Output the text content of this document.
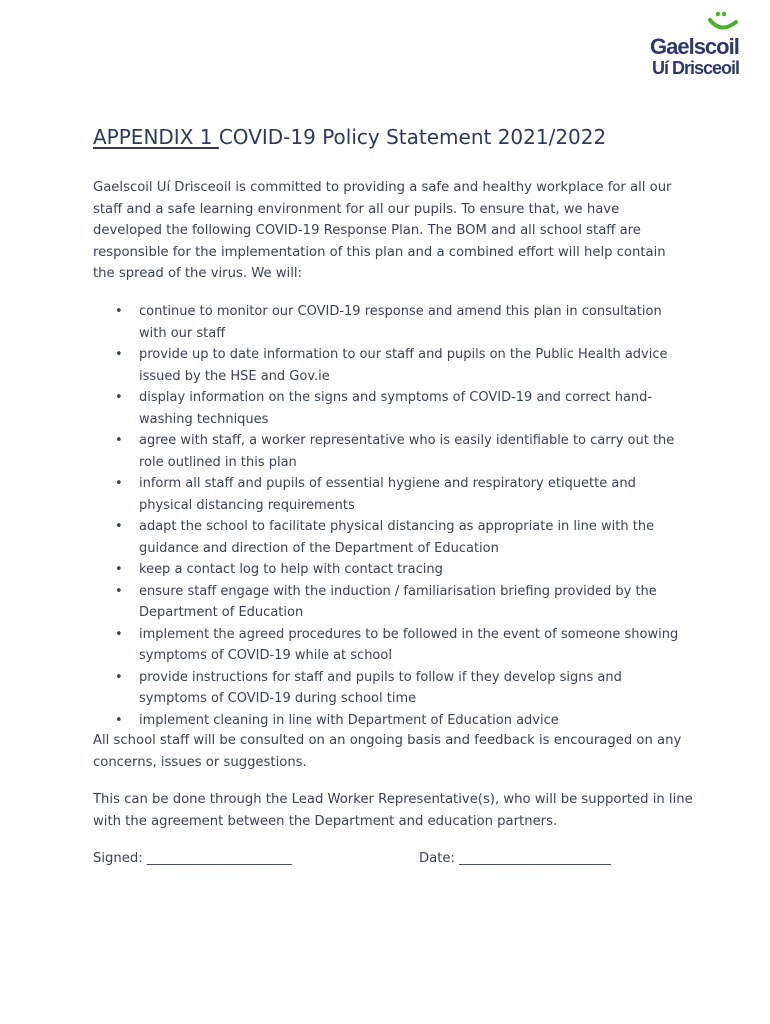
Gaelscoil
Uí Drisceoil
APPENDIX 1 COVID-19 Policy Statement 2021/2022

Gaelscoil Uí Drisceoil is committed to providing a safe and healthy workplace for all our staff and a safe learning environment for all our pupils. To ensure that, we have developed the following COVID-19 Response Plan. The BOM and all school staff are responsible for the implementation of this plan and a combined effort will help contain the spread of the virus. We will:

• continue to monitor our COVID-19 response and amend this plan in consultation with our staff
• provide up to date information to our staff and pupils on the Public Health advice issued by the HSE and Gov.ie
• display information on the signs and symptoms of COVID-19 and correct hand-washing techniques
• agree with staff, a worker representative who is easily identifiable to carry out the role outlined in this plan
• inform all staff and pupils of essential hygiene and respiratory etiquette and physical distancing requirements
• adapt the school to facilitate physical distancing as appropriate in line with the guidance and direction of the Department of Education
• keep a contact log to help with contact tracing
• ensure staff engage with the induction / familiarisation briefing provided by the Department of Education
• implement the agreed procedures to be followed in the event of someone showing symptoms of COVID-19 while at school
• provide instructions for staff and pupils to follow if they develop signs and symptoms of COVID-19 during school time
• implement cleaning in line with Department of Education advice

All school staff will be consulted on an ongoing basis and feedback is encouraged on any concerns, issues or suggestions.

This can be done through the Lead Worker Representative(s), who will be supported in line with the agreement between the Department and education partners.

Signed: ______________________	Date: _______________________
